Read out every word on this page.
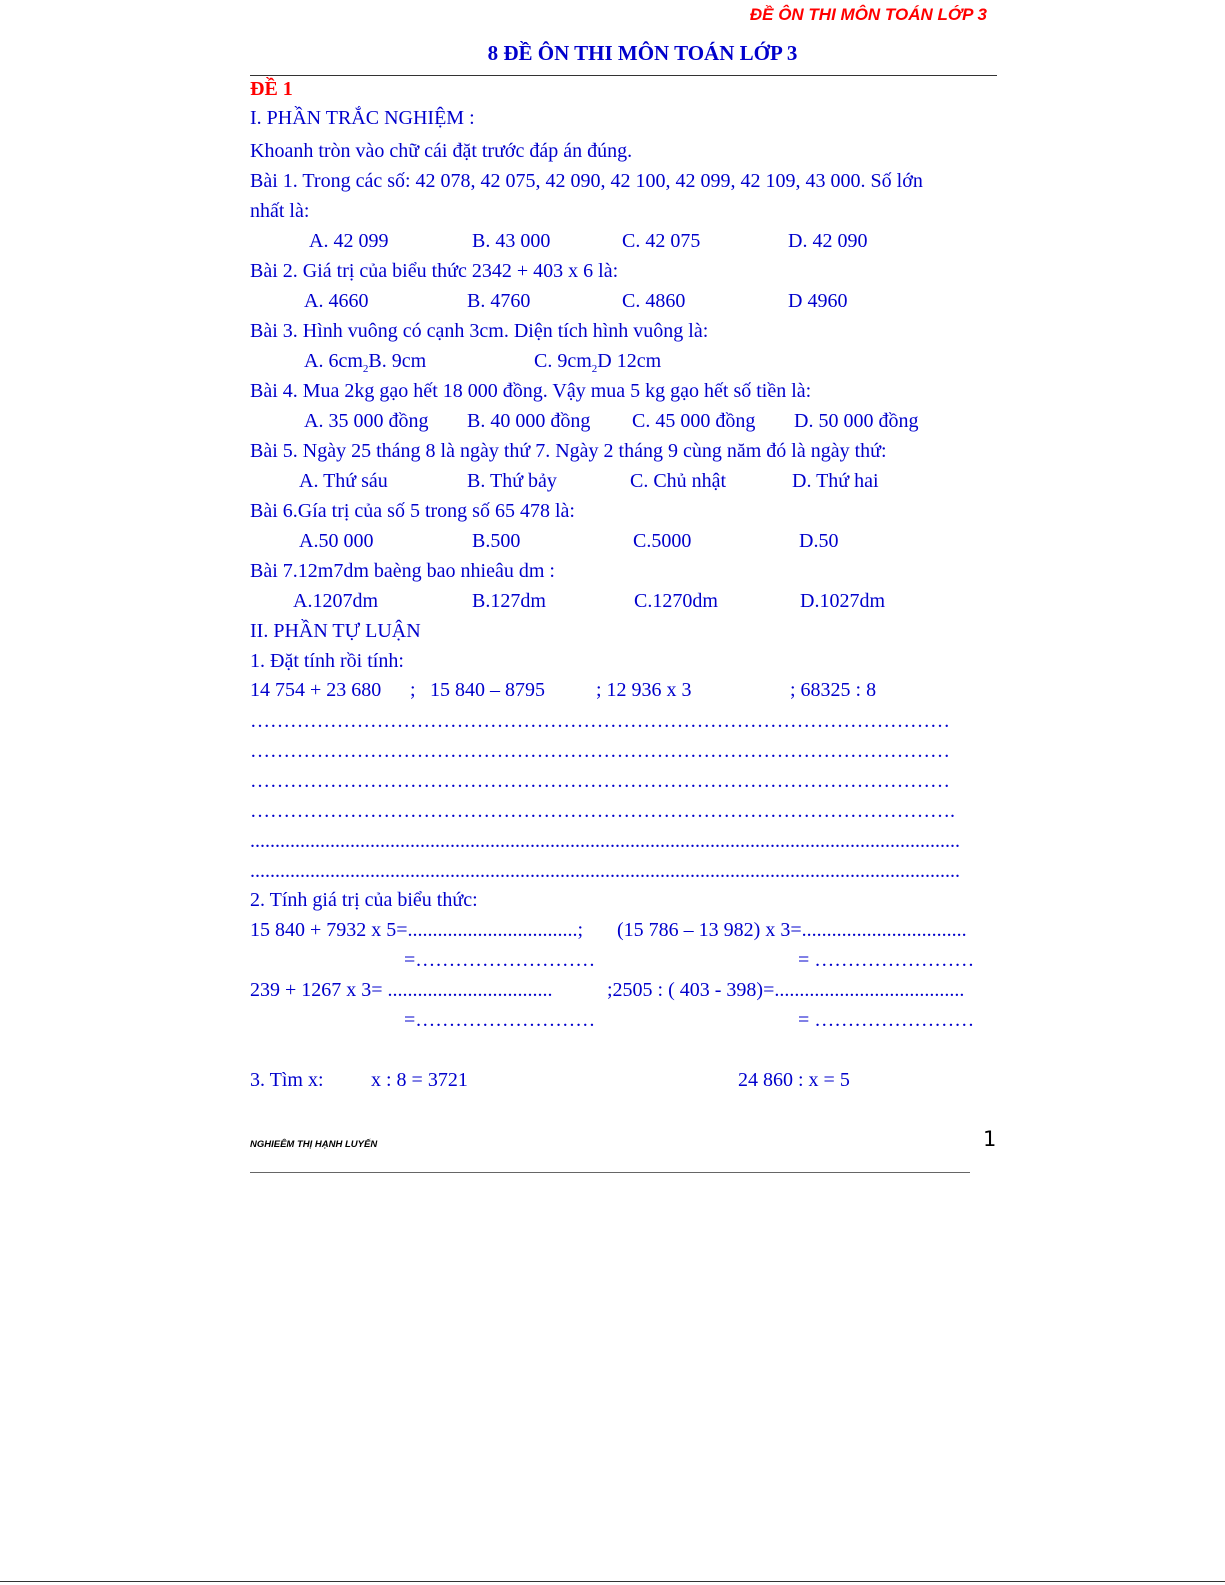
ĐỀ ÔN THI MÔN TOÁN LỚP 3
8 ĐỀ ÔN THI MÔN TOÁN LỚP 3
ĐỀ 1
I. PHẦN TRẮC NGHIỆM :
Khoanh tròn vào chữ cái đặt trước đáp án đúng.
Bài 1. Trong các số: 42 078, 42 075, 42 090, 42 100, 42 099, 42 109, 43 000. Số lớn
nhất là:
A. 42 099	B. 43 000	C. 42 075	D. 42 090
Bài 2. Giá trị của biểu thức 2342 + 403 x 6 là:
A. 4660	B. 4760	C. 4860	D 4960
Bài 3. Hình vuông có cạnh 3cm. Diện tích hình vuông là:
A. $6cm_2B$. 9cm	C. $9cm_2D$ 12cm
Bài 4. Mua 2kg gạo hết 18 000 đồng. Vậy mua 5 kg gạo hết số tiền là:
A. 35 000 đồng B. 40 000 đồng C. 45 000 đồng D. 50 000 đồng
Bài 5. Ngày 25 tháng 8 là ngày thứ 7. Ngày 2 tháng 9 cùng năm đó là ngày thứ:
A. Thứ sáu	B. Thứ bảy	C. Chủ nhật	D. Thứ hai
Bài 6.Gía trị của số 5 trong số 65 478 là:
A.50 000	B.500	C.5000	D.50
Bài 7.12m7dm baèng bao nhieâu dm :
A.1207dm	B.127dm	C.1270dm	D.1027dm
II. PHẦN TỰ LUẬN
1. Đặt tính rồi tính:
14 754 + 23 680 ; 15 840 – 8795	; 12 936 x 3	; 68325 : 8
……………………………………………………………………………………………
……………………………………………………………………………………………
……………………………………………………………………………………………
…………………………………………………………………………………………….
..............................................................................................................................................
..............................................................................................................................................
2. Tính giá trị của biểu thức:
15 840 + 7932 x 5=..................................; (15 786 – 13 982) x 3=.................................
=………………………	= ……………………
239 + 1267 x 3= .................................	;2505 : ( 403 - 398)=......................................
=………………………	= ……………………
3. Tìm x: x : 8 = 3721	24 860 : x = 5
NGHIEÊM THỊ HẠNH LUYẾN	1
